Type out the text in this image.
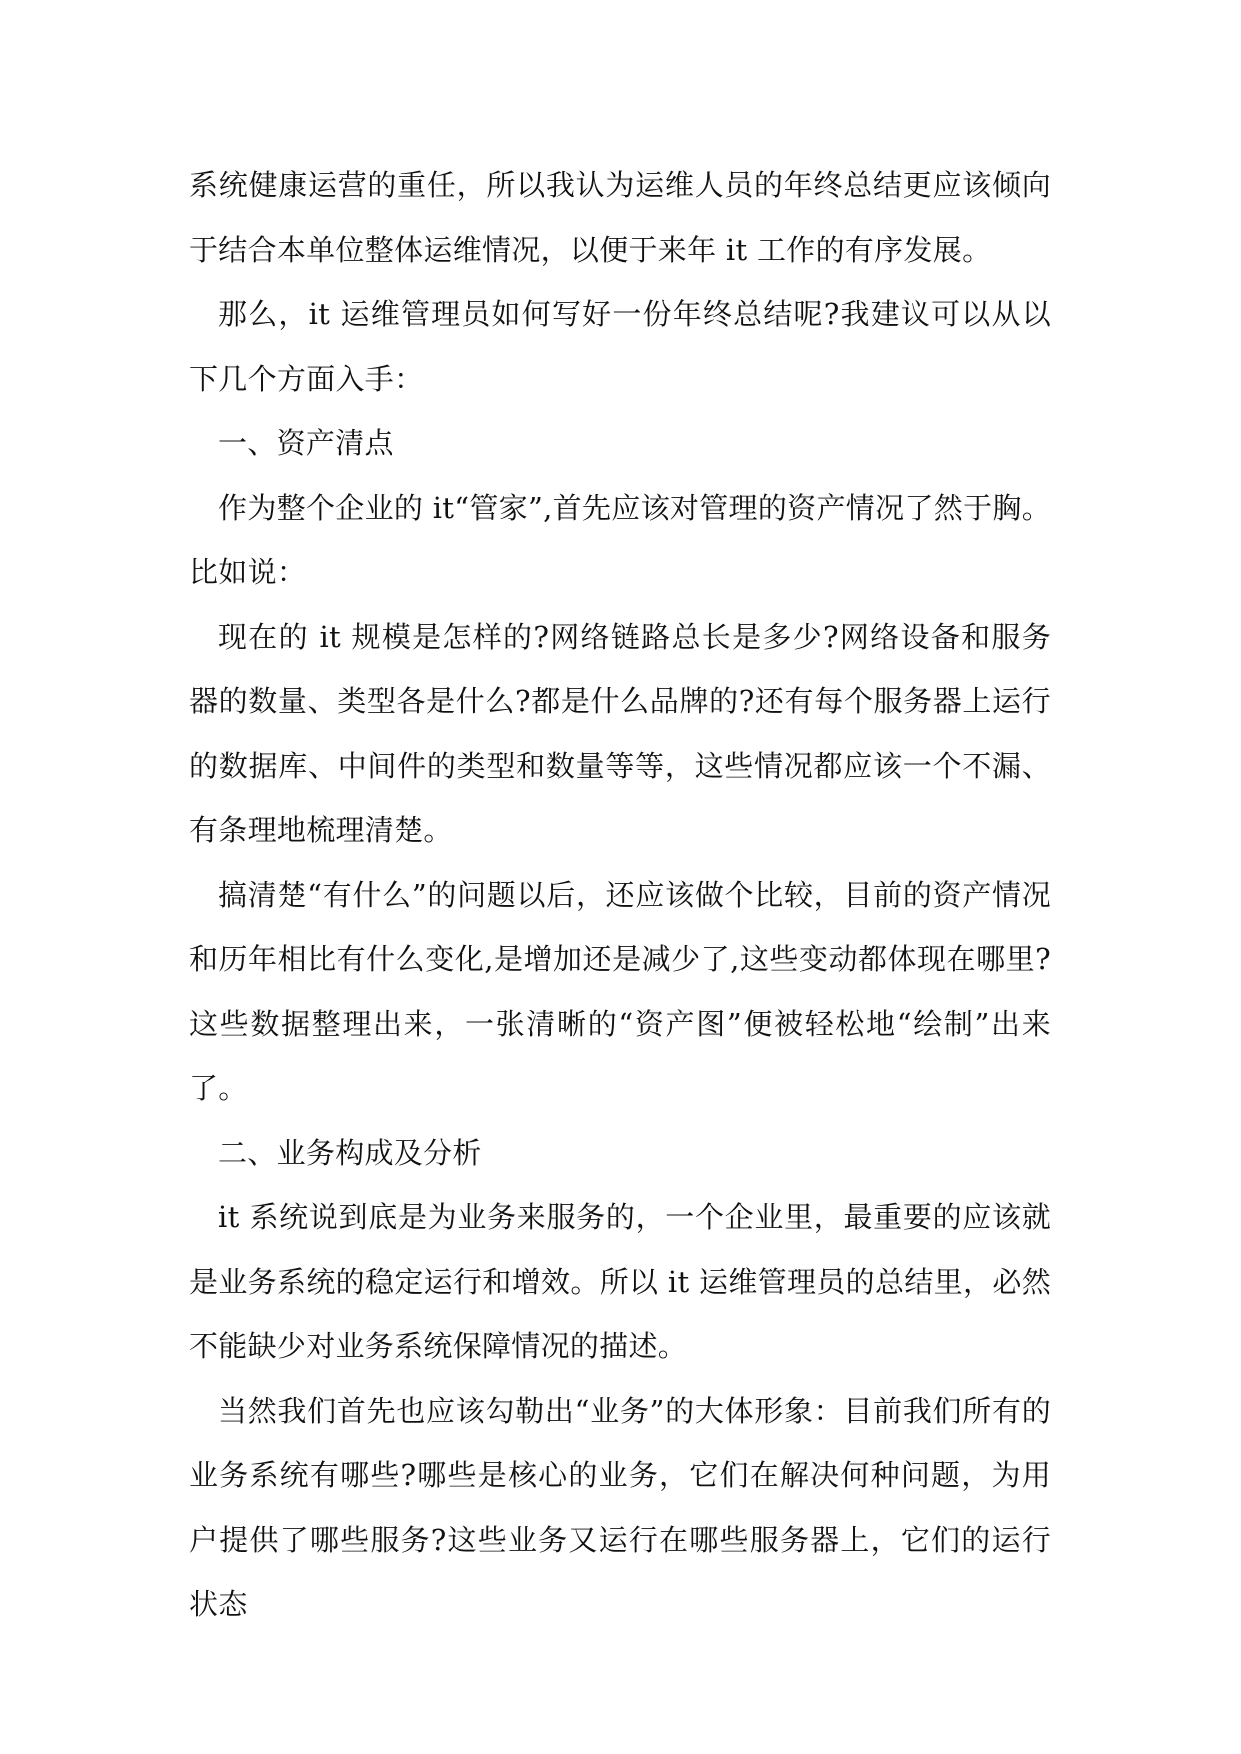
系统健康运营的重任，所以我认为运维人员的年终总结更应该倾向于结合本单位整体运维情况，以便于来年 it 工作的有序发展。

那么，it 运维管理员如何写好一份年终总结呢?我建议可以从以下几个方面入手：

一、资产清点

作为整个企业的 it“管家”,首先应该对管理的资产情况了然于胸。比如说：

现在的 it 规模是怎样的?网络链路总长是多少?网络设备和服务器的数量、类型各是什么?都是什么品牌的?还有每个服务器上运行的数据库、中间件的类型和数量等等，这些情况都应该一个不漏、有条理地梳理清楚。

搞清楚“有什么”的问题以后，还应该做个比较，目前的资产情况和历年相比有什么变化,是增加还是减少了,这些变动都体现在哪里?这些数据整理出来，一张清晰的“资产图”便被轻松地“绘制”出来了。

二、业务构成及分析

it 系统说到底是为业务来服务的，一个企业里，最重要的应该就是业务系统的稳定运行和增效。所以 it 运维管理员的总结里，必然不能缺少对业务系统保障情况的描述。

当然我们首先也应该勾勒出“业务”的大体形象：目前我们所有的业务系统有哪些?哪些是核心的业务，它们在解决何种问题，为用户提供了哪些服务?这些业务又运行在哪些服务器上，它们的运行状态
